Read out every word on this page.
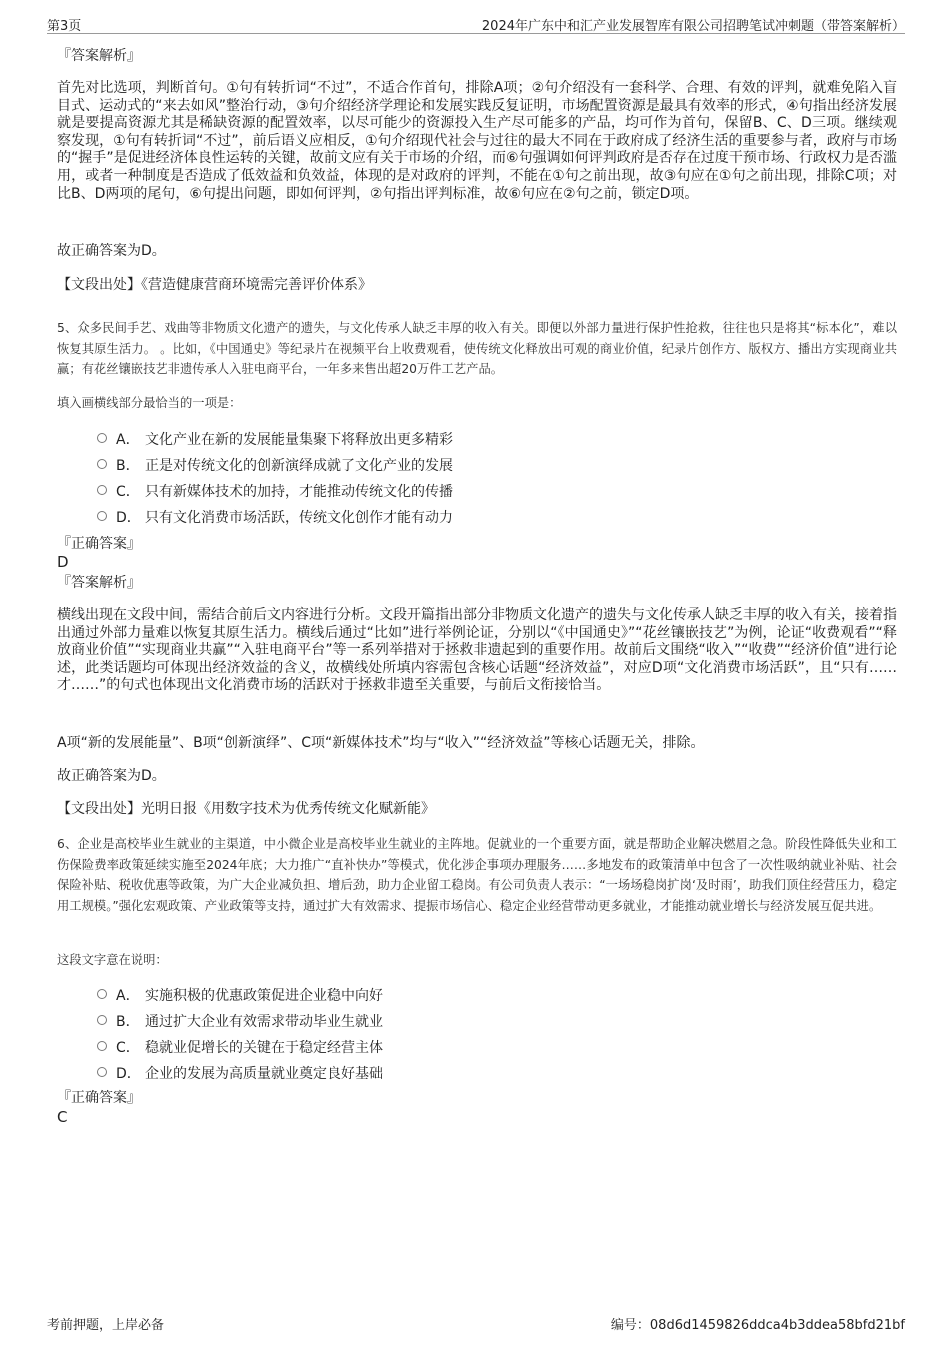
第3页	2024年广东中和汇产业发展智库有限公司招聘笔试冲刺题（带答案解析）
『答案解析』
首先对比选项，判断首句。①句有转折词“不过”，不适合作首句，排除A项；②句介绍没有一套科学、合理、有效的评判，就难免陷入盲目式、运动式的“来去如风”整治行动，③句介绍经济学理论和发展实践反复证明，市场配置资源是最具有效率的形式，④句指出经济发展就是要提高资源尤其是稀缺资源的配置效率，以尽可能少的资源投入生产尽可能多的产品，均可作为首句，保留B、C、D三项。继续观察发现，①句有转折词“不过”，前后语义应相反，①句介绍现代社会与过往的最大不同在于政府成了经济生活的重要参与者，政府与市场的“握手”是促进经济体良性运转的关键，故前文应有关于市场的介绍，而⑥句强调如何评判政府是否存在过度干预市场、行政权力是否滥用，或者一种制度是否造成了低效益和负效益，体现的是对政府的评判，不能在①句之前出现，故③句应在①句之前出现，排除C项；对比B、D两项的尾句，⑥句提出问题，即如何评判，②句指出评判标准，故⑥句应在②句之前，锁定D项。
故正确答案为D。
【文段出处】《营造健康营商环境需完善评价体系》
5、众多民间手艺、戏曲等非物质文化遗产的遗失，与文化传承人缺乏丰厚的收入有关。即便以外部力量进行保护性抢救，往往也只是将其“标本化”，难以恢复其原生活力。 。比如，《中国通史》等纪录片在视频平台上收费观看，使传统文化释放出可观的商业价值，纪录片创作方、版权方、播出方实现商业共赢；有花丝镶嵌技艺非遗传承人入驻电商平台，一年多来售出超20万件工艺产品。
填入画横线部分最恰当的一项是：
A． 文化产业在新的发展能量集聚下将释放出更多精彩
B． 正是对传统文化的创新演绎成就了文化产业的发展
C． 只有新媒体技术的加持，才能推动传统文化的传播
D． 只有文化消费市场活跃，传统文化创作才能有动力
『正确答案』
D
『答案解析』
横线出现在文段中间，需结合前后文内容进行分析。文段开篇指出部分非物质文化遗产的遗失与文化传承人缺乏丰厚的收入有关，接着指出通过外部力量难以恢复其原生活力。横线后通过“比如”进行举例论证，分别以“《中国通史》”“花丝镶嵌技艺”为例，论证“收费观看”“释放商业价值”“实现商业共赢”“入驻电商平台”等一系列举措对于拯救非遗起到的重要作用。故前后文围绕“收入”“收费”“经济价值”进行论述，此类话题均可体现出经济效益的含义，故横线处所填内容需包含核心话题“经济效益”，对应D项“文化消费市场活跃”，且“只有……才……”的句式也体现出文化消费市场的活跃对于拯救非遗至关重要，与前后文衔接恰当。
A项“新的发展能量”、B项“创新演绎”、C项“新媒体技术”均与“收入”“经济效益”等核心话题无关，排除。
故正确答案为D。
【文段出处】光明日报《用数字技术为优秀传统文化赋新能》
6、企业是高校毕业生就业的主渠道，中小微企业是高校毕业生就业的主阵地。促就业的一个重要方面，就是帮助企业解决燃眉之急。阶段性降低失业和工伤保险费率政策延续实施至2024年底；大力推广“直补快办”等模式，优化涉企事项办理服务……多地发布的政策清单中包含了一次性吸纳就业补贴、社会保险补贴、税收优惠等政策，为广大企业减负担、增后劲，助力企业留工稳岗。有公司负责人表示：“一场场稳岗扩岗‘及时雨’，助我们顶住经营压力，稳定用工规模。”强化宏观政策、产业政策等支持，通过扩大有效需求、提振市场信心、稳定企业经营带动更多就业，才能推动就业增长与经济发展互促共进。
这段文字意在说明：
A． 实施积极的优惠政策促进企业稳中向好
B． 通过扩大企业有效需求带动毕业生就业
C． 稳就业促增长的关键在于稳定经营主体
D． 企业的发展为高质量就业奠定良好基础
『正确答案』
C
考前押题，上岸必备	编号：08d6d1459826ddca4b3ddea58bfd21bf
